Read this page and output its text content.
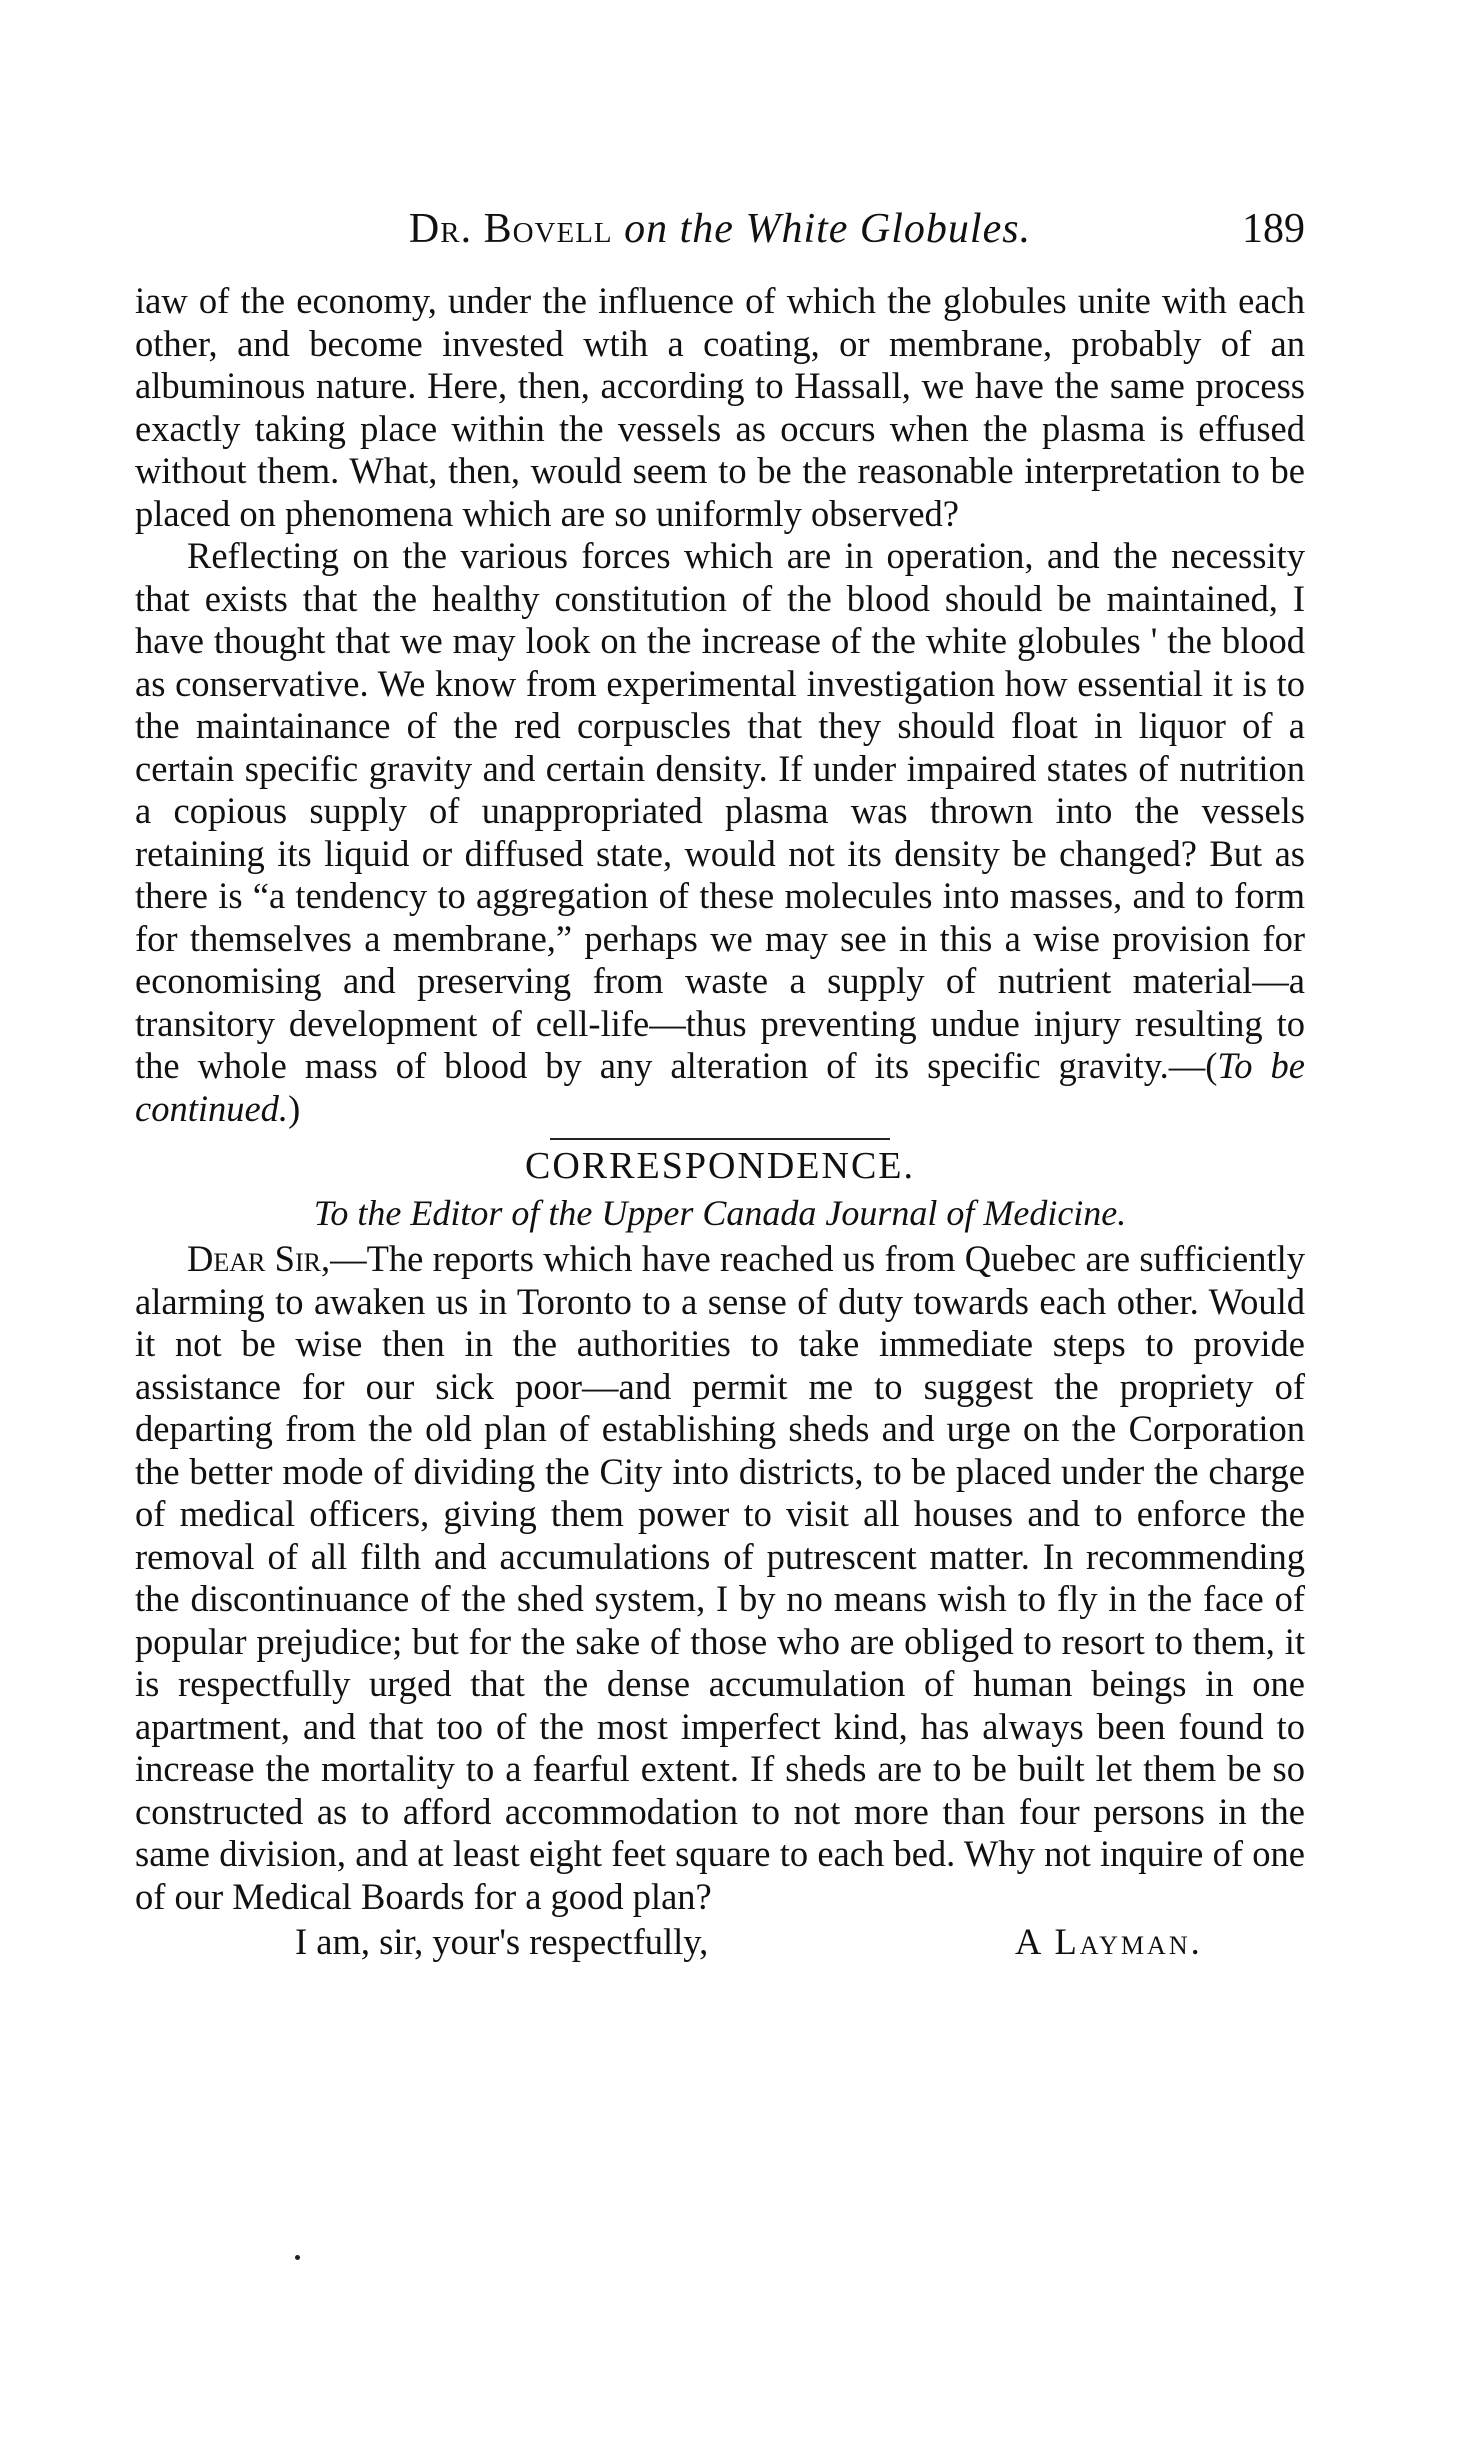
Dr. Bovell on the White Globules.	189

iaw of the economy, under the influence of which the globules unite with each other, and become invested wtih a coating, or membrane, probably of an albuminous nature. Here, then, according to Hassall, we have the same process exactly taking place within the vessels as occurs when the plasma is effused without them. What, then, would seem to be the reasonable interpretation to be placed on phenomena which are so uniformly observed?

Reflecting on the various forces which are in operation, and the necessity that exists that the healthy constitution of the blood should be maintained, I have thought that we may look on the increase of the white globules ' the blood as conservative. We know from experimental investigation how essential it is to the maintainance of the red corpuscles that they should float in liquor of a certain specific gravity and certain density. If under impaired states of nutrition a copious supply of unappropriated plasma was thrown into the vessels retaining its liquid or diffused state, would not its density be changed? But as there is “a tendency to aggregation of these molecules into masses, and to form for themselves a membrane,” perhaps we may see in this a wise provision for economising and preserving from waste a supply of nutrient material—a transitory development of cell-life—thus preventing undue injury resulting to the whole mass of blood by any alteration of its specific gravity.—(To be continued.)

CORRESPONDENCE.
To the Editor of the Upper Canada Journal of Medicine.

Dear Sir,—The reports which have reached us from Quebec are sufficiently alarming to awaken us in Toronto to a sense of duty towards each other. Would it not be wise then in the authorities to take immediate steps to provide assistance for our sick poor—and permit me to suggest the propriety of departing from the old plan of establishing sheds and urge on the Corporation the better mode of dividing the City into districts, to be placed under the charge of medical officers, giving them power to visit all houses and to enforce the removal of all filth and accumulations of putrescent matter. In recommending the discontinuance of the shed system, I by no means wish to fly in the face of popular prejudice; but for the sake of those who are obliged to resort to them, it is respectfully urged that the dense accumulation of human beings in one apartment, and that too of the most imperfect kind, has always been found to increase the mortality to a fearful extent. If sheds are to be built let them be so constructed as to afford accommodation to not more than four persons in the same division, and at least eight feet square to each bed. Why not inquire of one of our Medical Boards for a good plan?

I am, sir, your's respectfully,	A Layman.
